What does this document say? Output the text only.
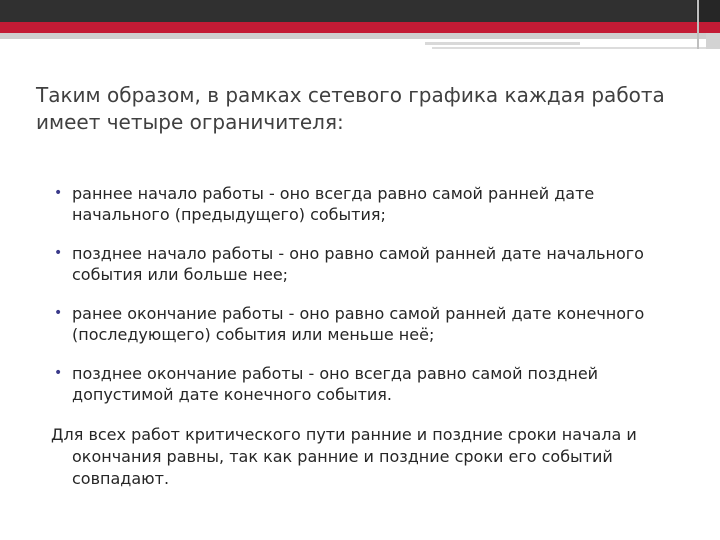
Таким образом, в рамках сетевого графика каждая работа имеет четыре ограничителя:
• раннее начало работы - оно всегда равно самой ранней дате начального (предыдущего) события;
• позднее начало работы - оно равно самой ранней дате начального события или больше нее;
• ранее окончание работы - оно равно самой ранней дате конечного (последующего) события или меньше неё;
• позднее окончание работы - оно всегда равно самой поздней допустимой дате конечного события.
Для всех работ критического пути ранние и поздние сроки начала и окончания равны, так как ранние и поздние сроки его событий совпадают.
